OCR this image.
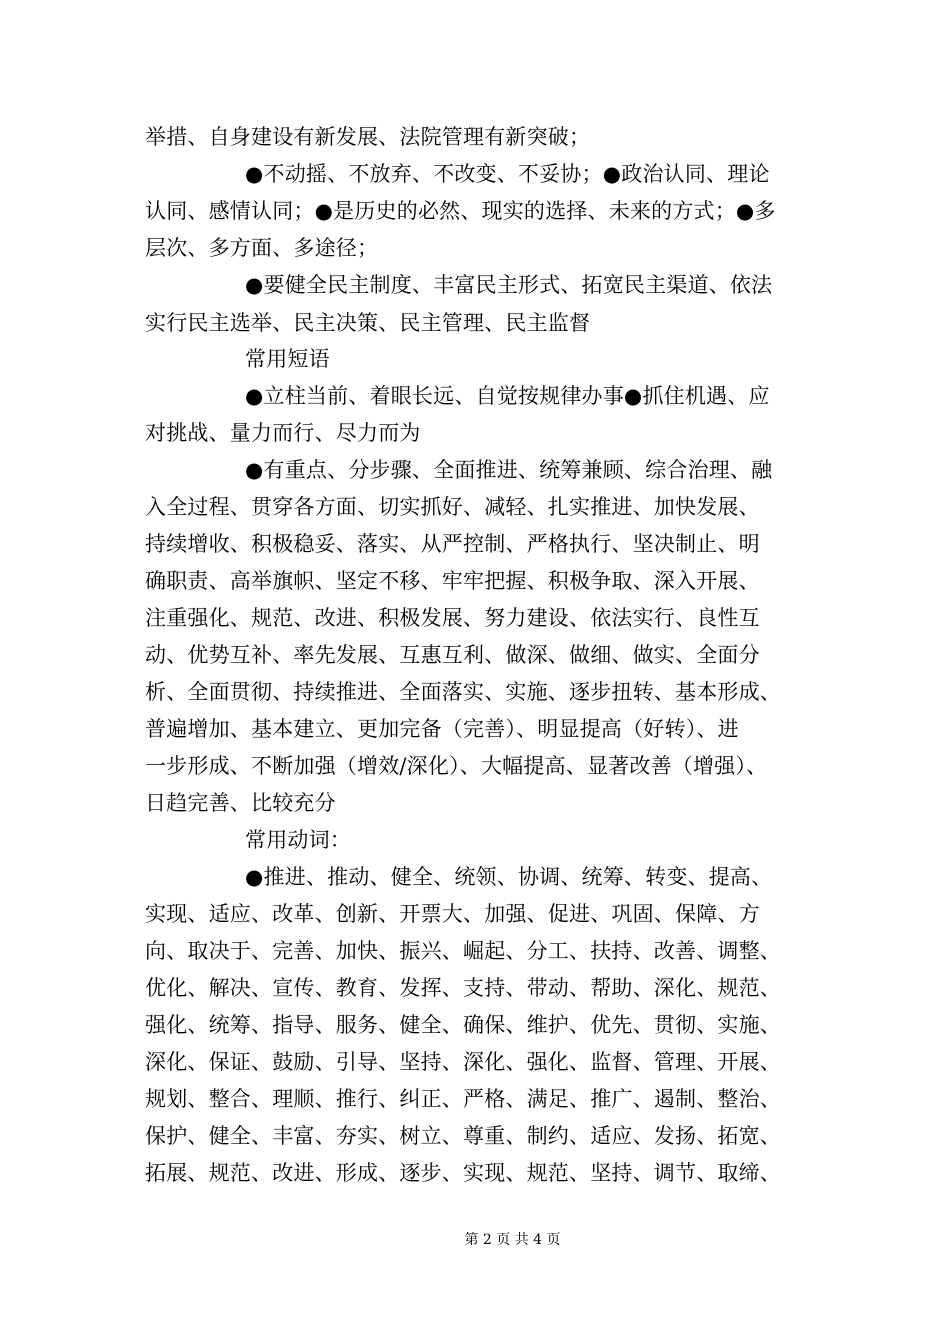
举措、自身建设有新发展、法院管理有新突破；
●不动摇、不放弃、不改变、不妥协；●政治认同、理论
认同、感情认同；●是历史的必然、现实的选择、未来的方式；●多
层次、多方面、多途径；
●要健全民主制度、丰富民主形式、拓宽民主渠道、依法
实行民主选举、民主决策、民主管理、民主监督
常用短语
●立柱当前、着眼长远、自觉按规律办事●抓住机遇、应
对挑战、量力而行、尽力而为
●有重点、分步骤、全面推进、统筹兼顾、综合治理、融
入全过程、贯穿各方面、切实抓好、减轻、扎实推进、加快发展、
持续增收、积极稳妥、落实、从严控制、严格执行、坚决制止、明
确职责、高举旗帜、坚定不移、牢牢把握、积极争取、深入开展、
注重强化、规范、改进、积极发展、努力建设、依法实行、良性互
动、优势互补、率先发展、互惠互利、做深、做细、做实、全面分
析、全面贯彻、持续推进、全面落实、实施、逐步扭转、基本形成、
普遍增加、基本建立、更加完备（完善）、明显提高（好转）、进
一步形成、不断加强（增效/深化）、大幅提高、显著改善（增强）、
日趋完善、比较充分
常用动词：
●推进、推动、健全、统领、协调、统筹、转变、提高、
实现、适应、改革、创新、开票大、加强、促进、巩固、保障、方
向、取决于、完善、加快、振兴、崛起、分工、扶持、改善、调整、
优化、解决、宣传、教育、发挥、支持、带动、帮助、深化、规范、
强化、统筹、指导、服务、健全、确保、维护、优先、贯彻、实施、
深化、保证、鼓励、引导、坚持、深化、强化、监督、管理、开展、
规划、整合、理顺、推行、纠正、严格、满足、推广、遏制、整治、
保护、健全、丰富、夯实、树立、尊重、制约、适应、发扬、拓宽、
拓展、规范、改进、形成、逐步、实现、规范、坚持、调节、取缔、
第 2 页 共 4 页
